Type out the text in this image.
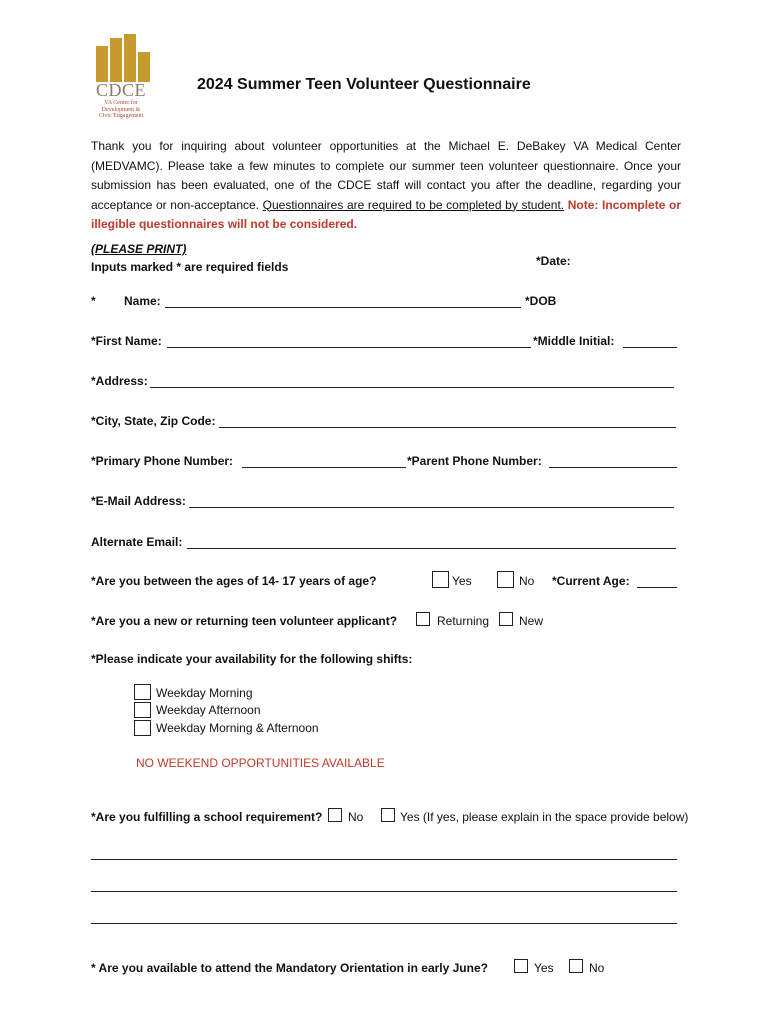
CDCE
VA Center for Development & Civic Engagement
2024 Summer Teen Volunteer Questionnaire
Thank you for inquiring about volunteer opportunities at the Michael E. DeBakey VA Medical Center (MEDVAMC). Please take a few minutes to complete our summer teen volunteer questionnaire. Once your submission has been evaluated, one of the CDCE staff will contact you after the deadline, regarding your acceptance or non-acceptance. Questionnaires are required to be completed by student. Note: Incomplete or illegible questionnaires will not be considered.
(PLEASE PRINT)
Inputs marked * are required fields	*Date:
* Name:	*DOB
*First Name:	*Middle Initial:
*Address:
*City, State, Zip Code:
*Primary Phone Number:	*Parent Phone Number:
*E-Mail Address:
Alternate Email:
*Are you between the ages of 14- 17 years of age?	Yes	No *Current Age:
*Are you a new or returning teen volunteer applicant?	Returning New
*Please indicate your availability for the following shifts:
Weekday Morning
Weekday Afternoon
Weekday Morning & Afternoon
NO WEEKEND OPPORTUNITIES AVAILABLE
*Are you fulfilling a school requirement? No	Yes (If yes, please explain in the space provide below)
* Are you available to attend the Mandatory Orientation in early June?	Yes	No
